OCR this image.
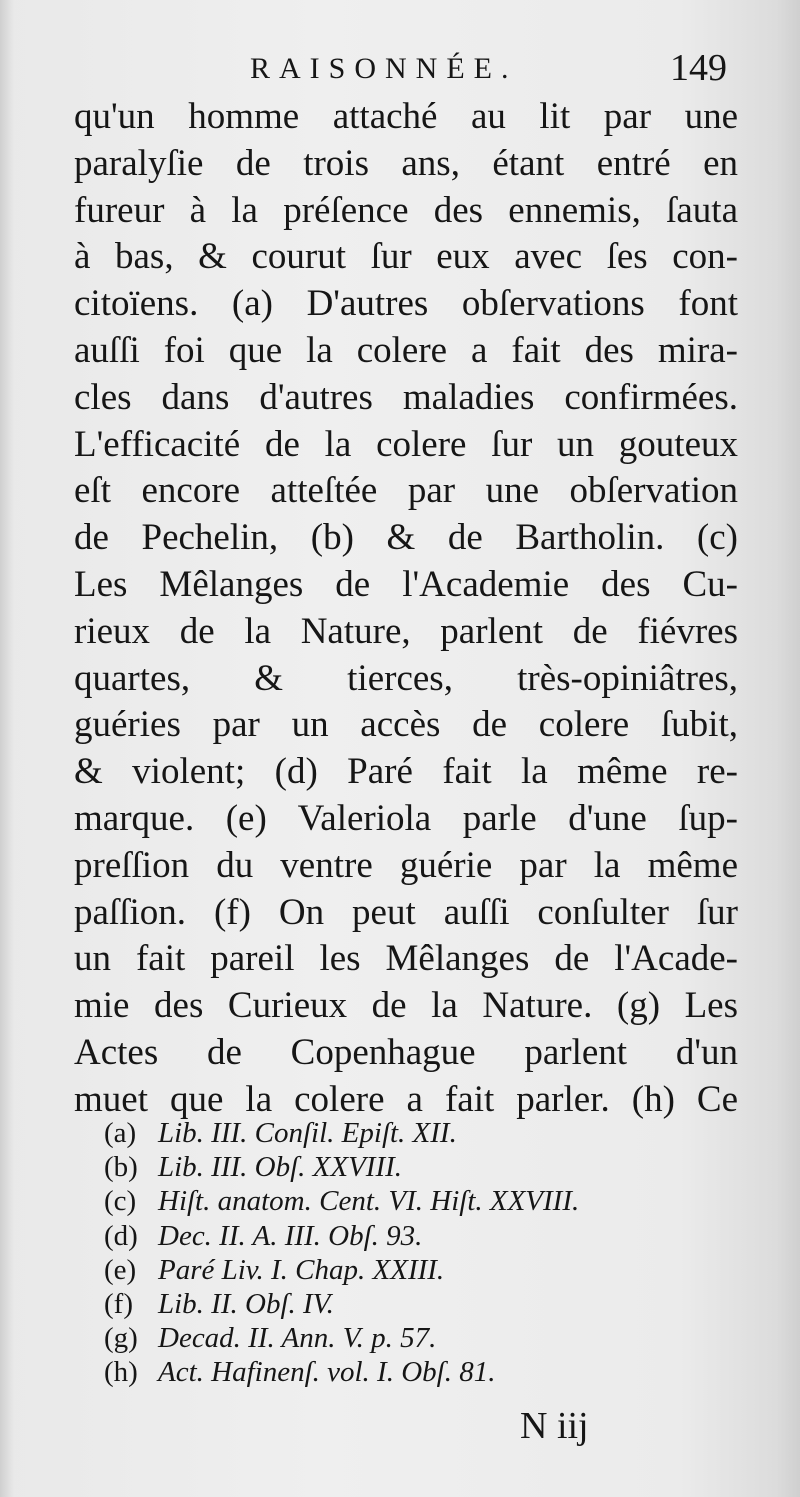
RAISONNÉE.	149
qu'un homme attaché au lit par une
paralyſie de trois ans, étant entré en
fureur à la préſence des ennemis, ſauta
à bas, & courut ſur eux avec ſes con-
citoïens. (a) D'autres obſervations font
auſſi foi que la colere a fait des mira-
cles dans d'autres maladies confirmées.
L'efficacité de la colere ſur un gouteux
eſt encore atteſtée par une obſervation
de Pechelin, (b) & de Bartholin. (c)
Les Mêlanges de l'Academie des Cu-
rieux de la Nature, parlent de fiévres
quartes, & tierces, très-opiniâtres,
guéries par un accès de colere ſubit,
& violent; (d) Paré fait la même re-
marque. (e) Valeriola parle d'une ſup-
preſſion du ventre guérie par la même
paſſion. (f) On peut auſſi conſulter ſur
un fait pareil les Mêlanges de l'Acade-
mie des Curieux de la Nature. (g) Les
Actes de Copenhague parlent d'un
muet que la colere a fait parler. (h) Ce
(a) Lib. III. Conſil. Epiſt. XII.
(b) Lib. III. Obſ. XXVIII.
(c) Hiſt. anatom. Cent. VI. Hiſt. XXVIII.
(d) Dec. II. A. III. Obſ. 93.
(e) Paré Liv. I. Chap. XXIII.
(f) Lib. II. Obſ. IV.
(g) Decad. II. Ann. V. p. 57.
(h) Act. Hafinenſ. vol. I. Obſ. 81.
N iij
